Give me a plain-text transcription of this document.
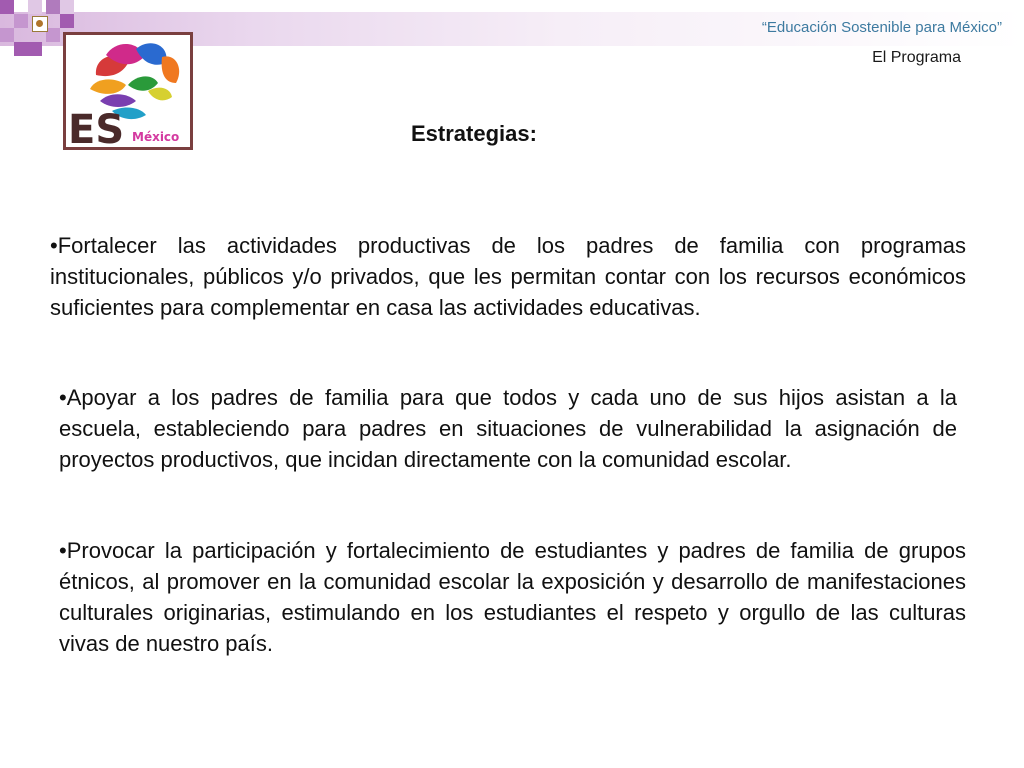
“Educación Sostenible para México”
El Programa
Estrategias:

•Fortalecer las actividades productivas de los padres de familia con programas institucionales, públicos y/o privados, que les permitan contar con los recursos económicos suficientes para complementar en casa las actividades educativas.

•Apoyar a los padres de familia para que todos y cada uno de sus hijos asistan a la escuela, estableciendo para padres en situaciones de vulnerabilidad la asignación de proyectos productivos, que incidan directamente con la comunidad escolar.

•Provocar la participación y fortalecimiento de estudiantes y padres de familia de grupos étnicos, al promover en la comunidad escolar la exposición y desarrollo de manifestaciones culturales originarias, estimulando en los estudiantes el respeto y orgullo de las culturas vivas de nuestro país.

ES México
